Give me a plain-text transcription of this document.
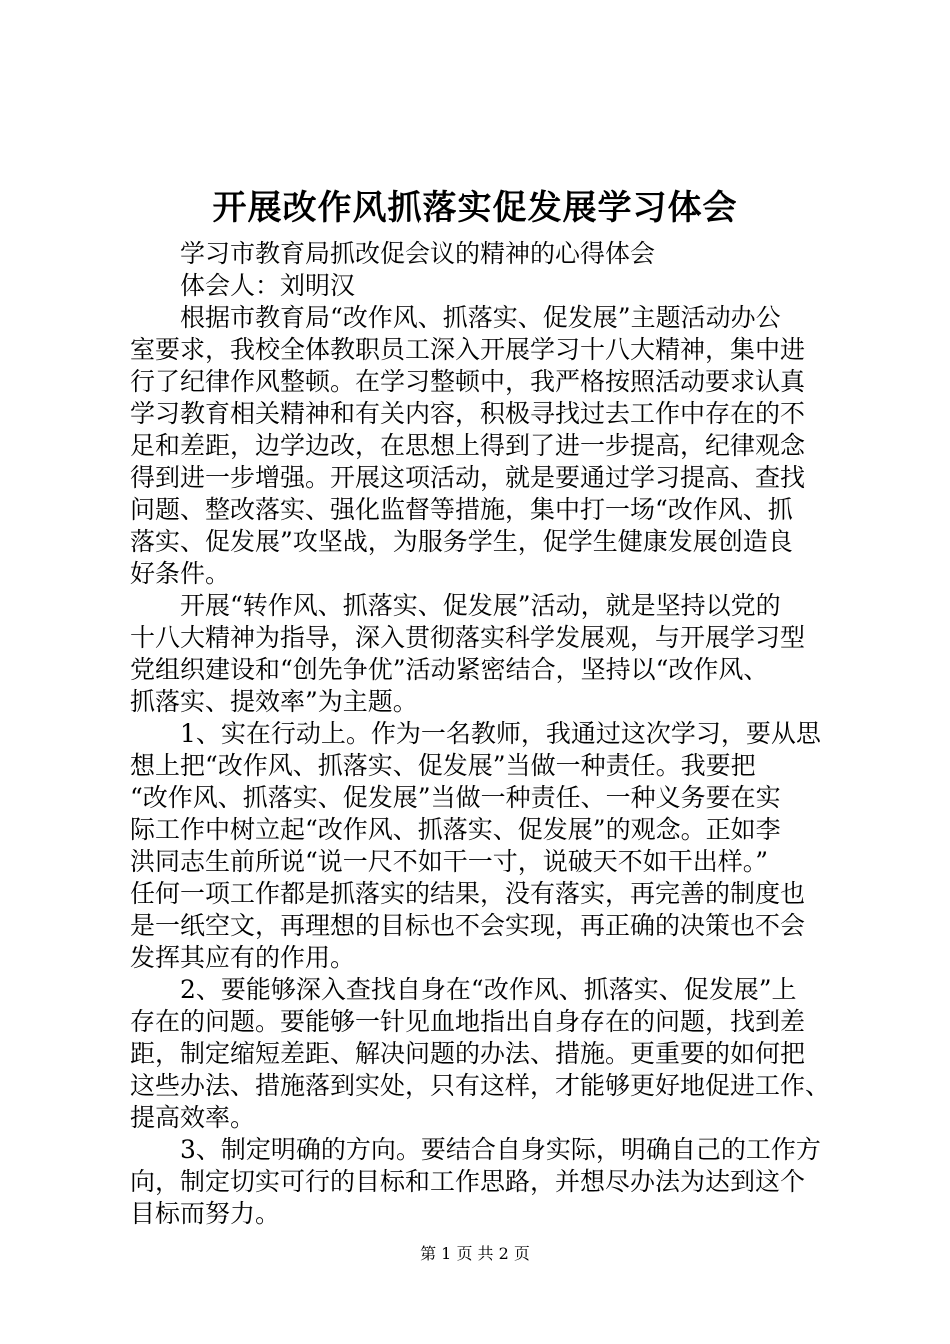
开展改作风抓落实促发展学习体会
学习市教育局抓改促会议的精神的心得体会
体会人：刘明汉
根据市教育局“改作风、抓落实、促发展”主题活动办公
室要求，我校全体教职员工深入开展学习十八大精神，集中进
行了纪律作风整顿。在学习整顿中，我严格按照活动要求认真
学习教育相关精神和有关内容，积极寻找过去工作中存在的不
足和差距，边学边改，在思想上得到了进一步提高，纪律观念
得到进一步增强。开展这项活动，就是要通过学习提高、查找
问题、整改落实、强化监督等措施，集中打一场“改作风、抓
落实、促发展”攻坚战，为服务学生，促学生健康发展创造良
好条件。
开展“转作风、抓落实、促发展”活动，就是坚持以党的
十八大精神为指导，深入贯彻落实科学发展观，与开展学习型
党组织建设和“创先争优”活动紧密结合，坚持以“改作风、
抓落实、提效率”为主题。
1、实在行动上。作为一名教师，我通过这次学习，要从思
想上把“改作风、抓落实、促发展”当做一种责任。我要把
“改作风、抓落实、促发展”当做一种责任、一种义务要在实
际工作中树立起“改作风、抓落实、促发展”的观念。正如李
洪同志生前所说“说一尺不如干一寸，说破天不如干出样。”
任何一项工作都是抓落实的结果，没有落实，再完善的制度也
是一纸空文，再理想的目标也不会实现，再正确的决策也不会
发挥其应有的作用。
2、要能够深入查找自身在“改作风、抓落实、促发展”上
存在的问题。要能够一针见血地指出自身存在的问题，找到差
距，制定缩短差距、解决问题的办法、措施。更重要的如何把
这些办法、措施落到实处，只有这样，才能够更好地促进工作、
提高效率。
3、制定明确的方向。要结合自身实际，明确自己的工作方
向，制定切实可行的目标和工作思路，并想尽办法为达到这个
目标而努力。
第 1 页 共 2 页
